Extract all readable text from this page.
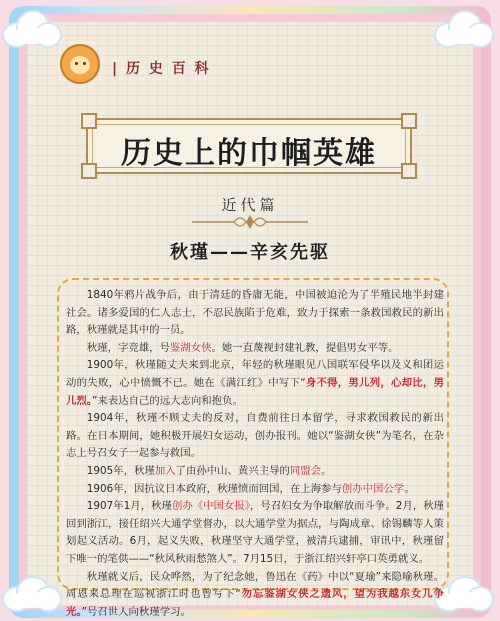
| 历 史 百 科
历史上的巾帼英雄
近代篇
秋瑾——辛亥先驱

1840年鸦片战争后，由于清廷的昏庸无能，中国被迫沦为了半殖民地半封建社会。诸多爱国的仁人志士，不忍民族陷于危难，致力于探索一条救国救民的新出路，秋瑾就是其中的一员。

秋瑾，字竞雄，号鉴湖女侠。她一直蔑视封建礼教，提倡男女平等。

1900年，秋瑾随丈夫来到北京，年轻的秋瑾眼见八国联军侵华以及义和团运动的失败，心中愤慨不已。她在《满江红》中写下“身不得，男儿列，心却比，男儿烈。”来表达自己的远大志向和抱负。

1904年，秋瑾不顾丈夫的反对，自费前往日本留学，寻求救国救民的新出路。在日本期间，她积极开展妇女运动，创办报刊。她以“鉴湖女侠”为笔名，在杂志上号召女子一起参与救国。

1905年，秋瑾加入了由孙中山、黄兴主导的同盟会。

1906年，因抗议日本政府，秋瑾愤而回国，在上海参与创办中国公学。

1907年1月，秋瑾创办《中国女报》，号召妇女为争取解放而斗争。2月，秋瑾回到浙江，接任绍兴大通学堂督办，以大通学堂为据点，与陶成章、徐锡麟等人策划起义活动。6月，起义失败，秋瑾坚守大通学堂，被清兵逮捕，审讯中，秋瑾留下唯一的笔供——“秋风秋雨愁煞人”。7月15日，于浙江绍兴轩亭口英勇就义。

秋瑾就义后，民众哗然，为了纪念她，鲁迅在《药》中以“夏瑜”来隐喻秋瑾。周恩来总理在巡视浙江时也曾写下“勿忘鉴湖女侠之遗风，望为我越东女儿争光。”号召世人向秋瑾学习。
